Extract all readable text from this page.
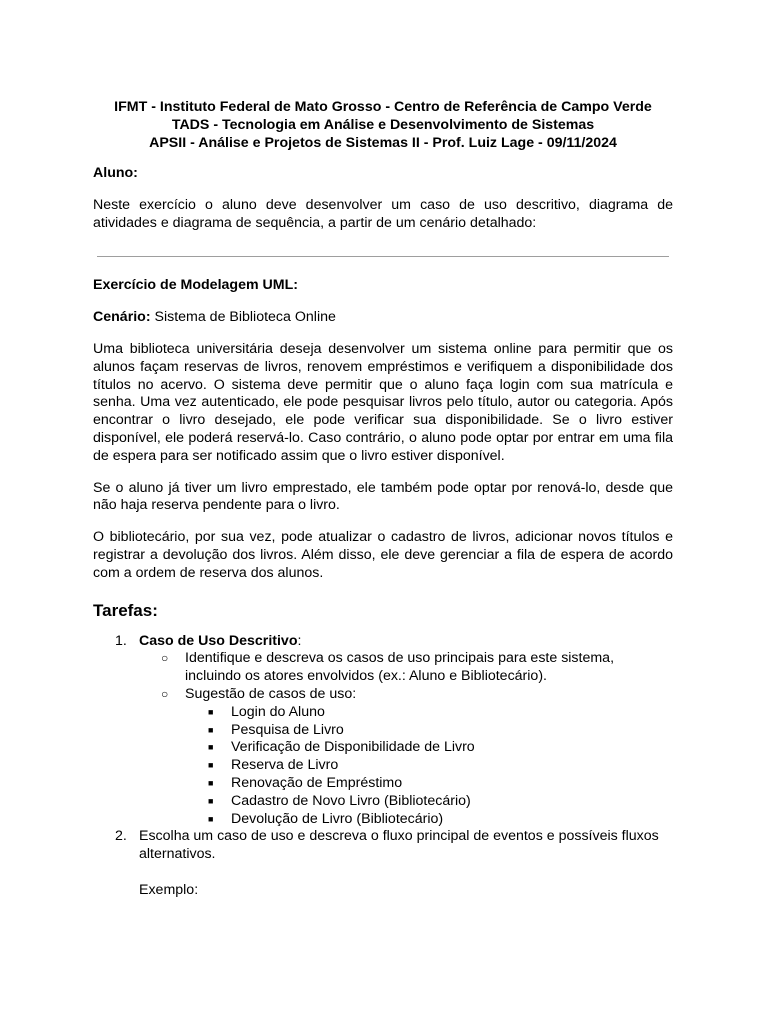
IFMT - Instituto Federal de Mato Grosso - Centro de Referência de Campo Verde
TADS - Tecnologia em Análise e Desenvolvimento de Sistemas
APSII - Análise e Projetos de Sistemas II - Prof. Luiz Lage - 09/11/2024
Aluno:

Neste exercício o aluno deve desenvolver um caso de uso descritivo, diagrama de atividades e diagrama de sequência, a partir de um cenário detalhado:

Exercício de Modelagem UML:

Cenário: Sistema de Biblioteca Online

Uma biblioteca universitária deseja desenvolver um sistema online para permitir que os alunos façam reservas de livros, renovem empréstimos e verifiquem a disponibilidade dos títulos no acervo. O sistema deve permitir que o aluno faça login com sua matrícula e senha. Uma vez autenticado, ele pode pesquisar livros pelo título, autor ou categoria. Após encontrar o livro desejado, ele pode verificar sua disponibilidade. Se o livro estiver disponível, ele poderá reservá-lo. Caso contrário, o aluno pode optar por entrar em uma fila de espera para ser notificado assim que o livro estiver disponível.

Se o aluno já tiver um livro emprestado, ele também pode optar por renová-lo, desde que não haja reserva pendente para o livro.

O bibliotecário, por sua vez, pode atualizar o cadastro de livros, adicionar novos títulos e registrar a devolução dos livros. Além disso, ele deve gerenciar a fila de espera de acordo com a ordem de reserva dos alunos.

Tarefas:
1. Caso de Uso Descritivo:
○ Identifique e descreva os casos de uso principais para este sistema, incluindo os atores envolvidos (ex.: Aluno e Bibliotecário).
○ Sugestão de casos de uso:
■ Login do Aluno
■ Pesquisa de Livro
■ Verificação de Disponibilidade de Livro
■ Reserva de Livro
■ Renovação de Empréstimo
■ Cadastro de Novo Livro (Bibliotecário)
■ Devolução de Livro (Bibliotecário)
2. Escolha um caso de uso e descreva o fluxo principal de eventos e possíveis fluxos alternativos.
Exemplo:
